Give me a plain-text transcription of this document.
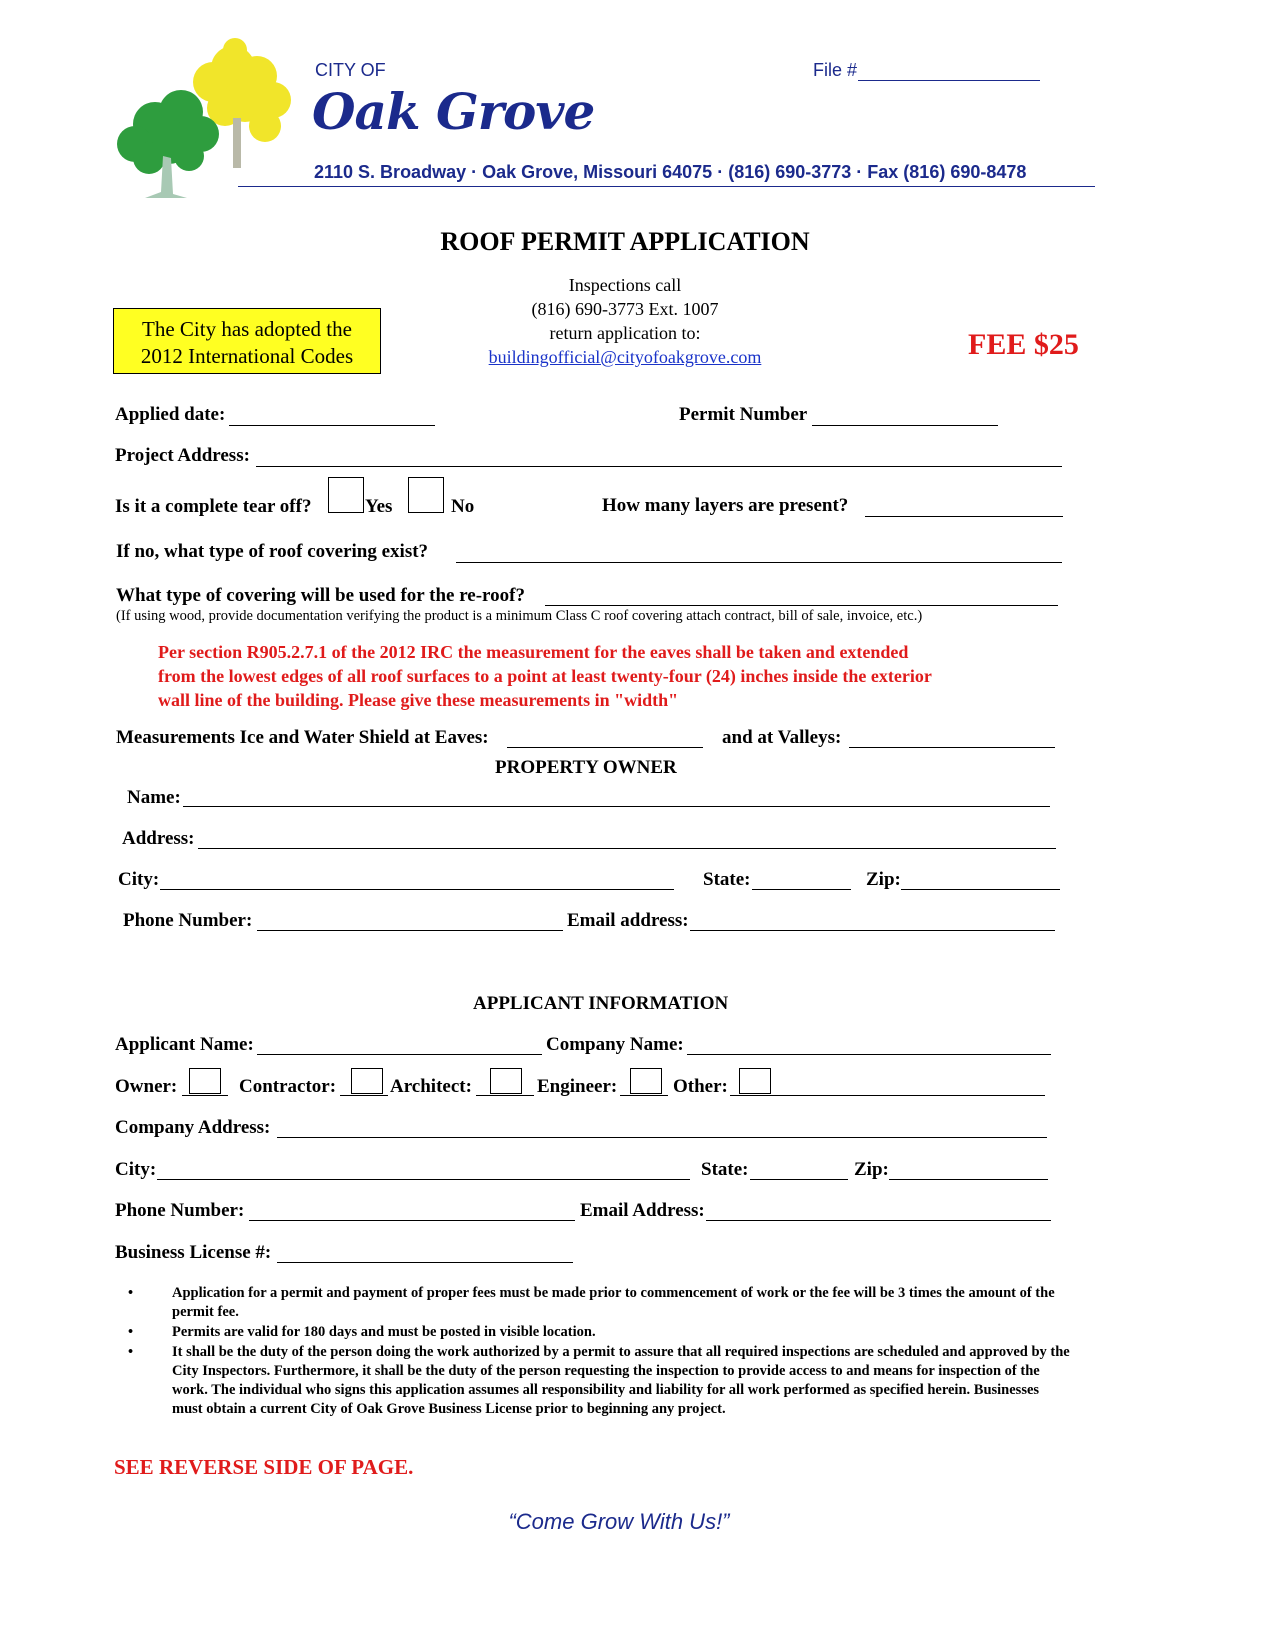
CITY OF
Oak Grove
File #
2110 S. Broadway · Oak Grove, Missouri 64075 · (816) 690-3773 · Fax (816) 690-8478
ROOF PERMIT APPLICATION
Inspections call
(816) 690-3773 Ext. 1007
return application to:
buildingofficial@cityofoakgrove.com
The City has adopted the
2012 International Codes	FEE $25
Applied date:	Permit Number
Project Address:
Is it a complete tear off?	Yes	No	How many layers are present?
If no, what type of roof covering exist?
What type of covering will be used for the re-roof?
(If using wood, provide documentation verifying the product is a minimum Class C roof covering attach contract, bill of sale, invoice, etc.)
Per section R905.2.7.1 of the 2012 IRC the measurement for the eaves shall be taken and extended
from the lowest edges of all roof surfaces to a point at least twenty-four (24) inches inside the exterior
wall line of the building. Please give these measurements in "width"
Measurements Ice and Water Shield at Eaves:	and at Valleys:
PROPERTY OWNER
Name:
Address:
City:	State:	Zip:
Phone Number:	Email address:
APPLICANT INFORMATION
Applicant Name:	Company Name:
Owner:	Contractor:	Architect:	Engineer:	Other:
Company Address:
City:	State:	Zip:
Phone Number:	Email Address:
Business License #:
•	Application for a permit and payment of proper fees must be made prior to commencement of work or the fee will be 3 times the amount of the permit fee.
•	Permits are valid for 180 days and must be posted in visible location.
•	It shall be the duty of the person doing the work authorized by a permit to assure that all required inspections are scheduled and approved by the City Inspectors. Furthermore, it shall be the duty of the person requesting the inspection to provide access to and means for inspection of the work. The individual who signs this application assumes all responsibility and liability for all work performed as specified herein. Businesses must obtain a current City of Oak Grove Business License prior to beginning any project.
SEE REVERSE SIDE OF PAGE.
“Come Grow With Us!”
